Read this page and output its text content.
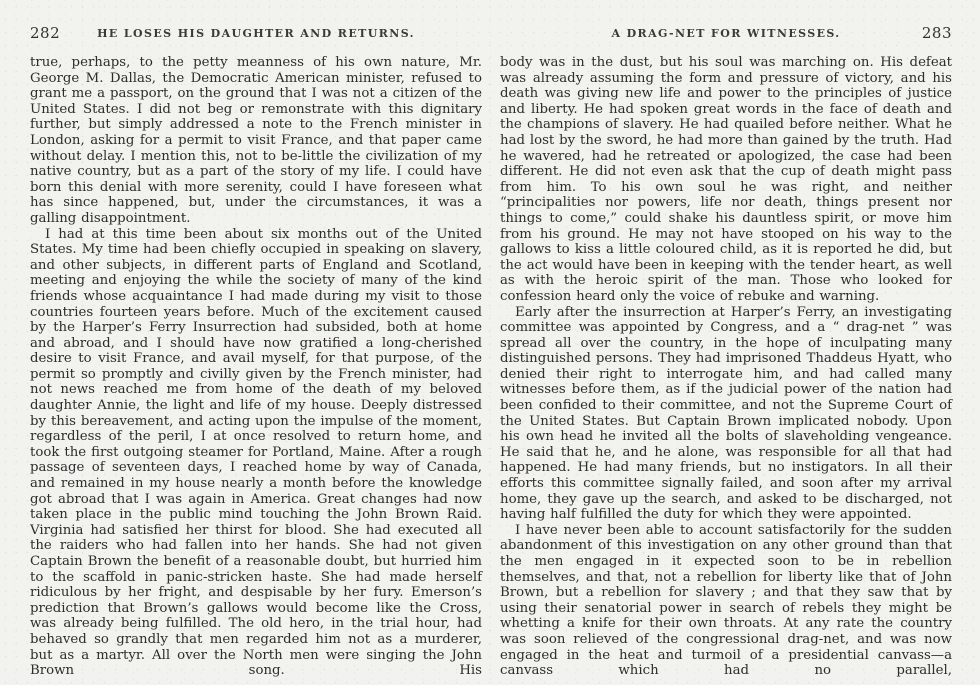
282	HE LOSES HIS DAUGHTER AND RETURNS.

true, perhaps, to the petty meanness of his own nature, Mr. George M. Dallas, the Democratic American minister, refused to grant me a passport, on the ground that I was not a citizen of the United States. I did not beg or remonstrate with this dignitary further, but simply addressed a note to the French minister in London, asking for a permit to visit France, and that paper came without delay. I mention this, not to be-little the civilization of my native country, but as a part of the story of my life. I could have born this denial with more serenity, could I have foreseen what has since happened, but, under the circumstances, it was a galling disappointment.

I had at this time been about six months out of the United States. My time had been chiefly occupied in speaking on slavery, and other subjects, in different parts of England and Scotland, meeting and enjoying the while the society of many of the kind friends whose acquaintance I had made during my visit to those countries fourteen years before. Much of the excitement caused by the Harper’s Ferry Insurrection had subsided, both at home and abroad, and I should have now gratified a long-cherished desire to visit France, and avail myself, for that purpose, of the permit so promptly and civilly given by the French minister, had not news reached me from home of the death of my beloved daughter Annie, the light and life of my house. Deeply distressed by this bereavement, and acting upon the impulse of the moment, regardless of the peril, I at once resolved to return home, and took the first outgoing steamer for Portland, Maine. After a rough passage of seventeen days, I reached home by way of Canada, and remained in my house nearly a month before the knowledge got abroad that I was again in America. Great changes had now taken place in the public mind touching the John Brown Raid. Virginia had satisfied her thirst for blood. She had executed all the raiders who had fallen into her hands. She had not given Captain Brown the benefit of a reasonable doubt, but hurried him to the scaffold in panic-stricken haste. She had made herself ridiculous by her fright, and despisable by her fury. Emerson’s prediction that Brown’s gallows would become like the Cross, was already being fulfilled. The old hero, in the trial hour, had behaved so grandly that men regarded him not as a murderer, but as a martyr. All over the North men were singing the John Brown song. His

A DRAG-NET FOR WITNESSES.	283

body was in the dust, but his soul was marching on. His defeat was already assuming the form and pressure of victory, and his death was giving new life and power to the principles of justice and liberty. He had spoken great words in the face of death and the champions of slavery. He had quailed before neither. What he had lost by the sword, he had more than gained by the truth. Had he wavered, had he retreated or apologized, the case had been different. He did not even ask that the cup of death might pass from him. To his own soul he was right, and neither “principalities nor powers, life nor death, things present nor things to come,” could shake his dauntless spirit, or move him from his ground. He may not have stooped on his way to the gallows to kiss a little coloured child, as it is reported he did, but the act would have been in keeping with the tender heart, as well as with the heroic spirit of the man. Those who looked for confession heard only the voice of rebuke and warning.

Early after the insurrection at Harper’s Ferry, an investigating committee was appointed by Congress, and a “ drag-net ” was spread all over the country, in the hope of inculpating many distinguished persons. They had imprisoned Thaddeus Hyatt, who denied their right to interrogate him, and had called many witnesses before them, as if the judicial power of the nation had been confided to their committee, and not the Supreme Court of the United States. But Captain Brown implicated nobody. Upon his own head he invited all the bolts of slaveholding vengeance. He said that he, and he alone, was responsible for all that had happened. He had many friends, but no instigators. In all their efforts this committee signally failed, and soon after my arrival home, they gave up the search, and asked to be discharged, not having half fulfilled the duty for which they were appointed.

I have never been able to account satisfactorily for the sudden abandonment of this investigation on any other ground than that the men engaged in it expected soon to be in rebellion themselves, and that, not a rebellion for liberty like that of John Brown, but a rebellion for slavery ; and that they saw that by using their senatorial power in search of rebels they might be whetting a knife for their own throats. At any rate the country was soon relieved of the congressional drag-net, and was now engaged in the heat and turmoil of a presidential canvass—a canvass which had no parallel,
